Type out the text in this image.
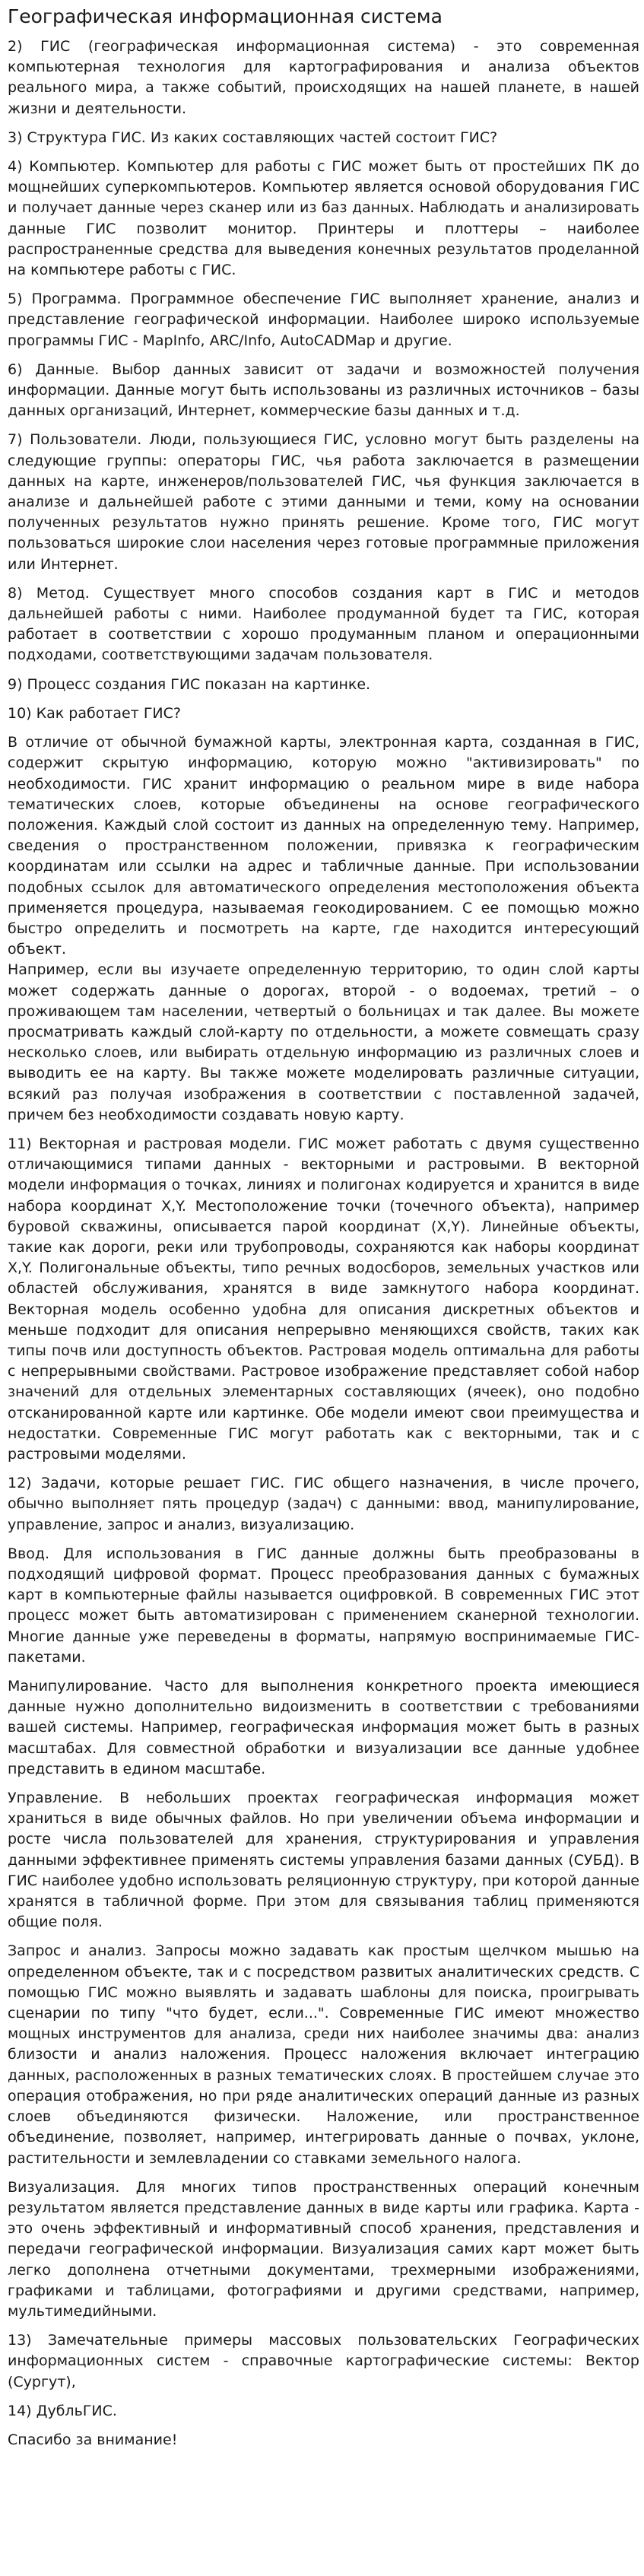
Географическая информационная система

2) ГИС (географическая информационная система) - это современная компьютерная технология для картографирования и анализа объектов реального мира, а также событий, происходящих на нашей планете, в нашей жизни и деятельности.

3) Структура ГИС. Из каких составляющих частей состоит ГИС?

4) Компьютер. Компьютер для работы с ГИС может быть от простейших ПК до мощнейших суперкомпьютеров. Компьютер является основой оборудования ГИС и получает данные через сканер или из баз данных. Наблюдать и анализировать данные ГИС позволит монитор. Принтеры и плоттеры – наиболее распространенные средства для выведения конечных результатов проделанной на компьютере работы с ГИС.

5) Программа. Программное обеспечение ГИС выполняет хранение, анализ и представление географической информации. Наиболее широко используемые программы ГИС - MapInfo, ARC/Info, AutoCADMap и другие.

6) Данные. Выбор данных зависит от задачи и возможностей получения информации. Данные могут быть использованы из различных источников – базы данных организаций, Интернет, коммерческие базы данных и т.д.

7) Пользователи. Люди, пользующиеся ГИС, условно могут быть разделены на следующие группы: операторы ГИС, чья работа заключается в размещении данных на карте, инженеров/пользователей ГИС, чья функция заключается в анализе и дальнейшей работе с этими данными и теми, кому на основании полученных результатов нужно принять решение. Кроме того, ГИС могут пользоваться широкие слои населения через готовые программные приложения или Интернет.

8) Метод. Существует много способов создания карт в ГИС и методов дальнейшей работы с ними. Наиболее продуманной будет та ГИС, которая работает в соответствии с хорошо продуманным планом и операционными подходами, соответствующими задачам пользователя.

9) Процесс создания ГИС показан на картинке.

10) Как работает ГИС?

В отличие от обычной бумажной карты, электронная карта, созданная в ГИС, содержит скрытую информацию, которую можно "активизировать" по необходимости. ГИС хранит информацию о реальном мире в виде набора тематических слоев, которые объединены на основе географического положения. Каждый слой состоит из данных на определенную тему. Например, сведения о пространственном положении, привязка к географическим координатам или ссылки на адрес и табличные данные. При использовании подобных ссылок для автоматического определения местоположения объекта применяется процедура, называемая геокодированием. С ее помощью можно быстро определить и посмотреть на карте, где находится интересующий объект.

Например, если вы изучаете определенную территорию, то один слой карты может содержать данные о дорогах, второй - о водоемах, третий – о проживающем там населении, четвертый о больницах и так далее. Вы можете просматривать каждый слой-карту по отдельности, а можете совмещать сразу несколько слоев, или выбирать отдельную информацию из различных слоев и выводить ее на карту. Вы также можете моделировать различные ситуации, всякий раз получая изображения в соответствии с поставленной задачей, причем без необходимости создавать новую карту.

11) Векторная и растровая модели. ГИС может работать с двумя существенно отличающимися типами данных - векторными и растровыми. В векторной модели информация о точках, линиях и полигонах кодируется и хранится в виде набора координат X,Y. Местоположение точки (точечного объекта), например буровой скважины, описывается парой координат (X,Y). Линейные объекты, такие как дороги, реки или трубопроводы, сохраняются как наборы координат X,Y. Полигональные объекты, типо речных водосборов, земельных участков или областей обслуживания, хранятся в виде замкнутого набора координат. Векторная модель особенно удобна для описания дискретных объектов и меньше подходит для описания непрерывно меняющихся свойств, таких как типы почв или доступность объектов. Растровая модель оптимальна для работы с непрерывными свойствами. Растровое изображение представляет собой набор значений для отдельных элементарных составляющих (ячеек), оно подобно отсканированной карте или картинке. Обе модели имеют свои преимущества и недостатки. Современные ГИС могут работать как с векторными, так и с растровыми моделями.

12) Задачи, которые решает ГИС. ГИС общего назначения, в числе прочего, обычно выполняет пять процедур (задач) с данными: ввод, манипулирование, управление, запрос и анализ, визуализацию.

Ввод. Для использования в ГИС данные должны быть преобразованы в подходящий цифровой формат. Процесс преобразования данных с бумажных карт в компьютерные файлы называется оцифровкой. В современных ГИС этот процесс может быть автоматизирован с применением сканерной технологии. Многие данные уже переведены в форматы, напрямую воспринимаемые ГИС-пакетами.

Манипулирование. Часто для выполнения конкретного проекта имеющиеся данные нужно дополнительно видоизменить в соответствии с требованиями вашей системы. Например, географическая информация может быть в разных масштабах. Для совместной обработки и визуализации все данные удобнее представить в едином масштабе.

Управление. В небольших проектах географическая информация может храниться в виде обычных файлов. Но при увеличении объема информации и росте числа пользователей для хранения, структурирования и управления данными эффективнее применять системы управления базами данных (СУБД). В ГИС наиболее удобно использовать реляционную структуру, при которой данные хранятся в табличной форме. При этом для связывания таблиц применяются общие поля.

Запрос и анализ. Запросы можно задавать как простым щелчком мышью на определенном объекте, так и с посредством развитых аналитических средств. С помощью ГИС можно выявлять и задавать шаблоны для поиска, проигрывать сценарии по типу "что будет, если...". Современные ГИС имеют множество мощных инструментов для анализа, среди них наиболее значимы два: анализ близости и анализ наложения. Процесс наложения включает интеграцию данных, расположенных в разных тематических слоях. В простейшем случае это операция отображения, но при ряде аналитических операций данные из разных слоев объединяются физически. Наложение, или пространственное объединение, позволяет, например, интегрировать данные о почвах, уклоне, растительности и землевладении со ставками земельного налога.

Визуализация. Для многих типов пространственных операций конечным результатом является представление данных в виде карты или графика. Карта - это очень эффективный и информативный способ хранения, представления и передачи географической информации. Визуализация самих карт может быть легко дополнена отчетными документами, трехмерными изображениями, графиками и таблицами, фотографиями и другими средствами, например, мультимедийными.

13) Замечательные примеры массовых пользовательских Географических информационных систем - справочные картографические системы: Вектор (Сургут),

14) ДубльГИС.

Спасибо за внимание!
